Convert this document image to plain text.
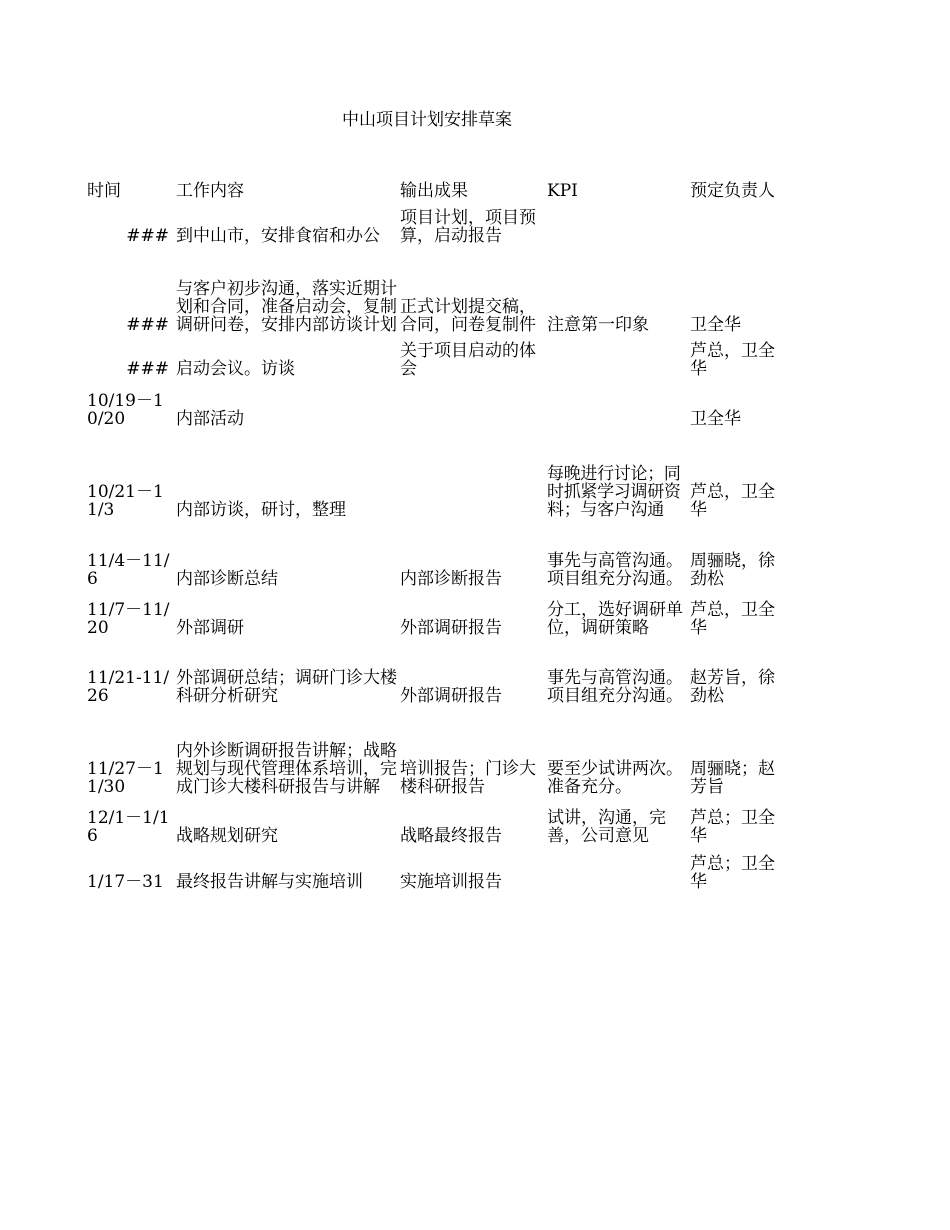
中山项目计划安排草案
时间	工作内容	输出成果	KPI	预定负责人
###	到中山市，安排食宿和办公	项目计划，项目预算，启动报告		
###	与客户初步沟通，落实近期计划和合同，准备启动会，复制调研问卷，安排内部访谈计划	正式计划提交稿，合同，问卷复制件	注意第一印象	卫全华
###	启动会议。访谈	关于项目启动的体会		芦总，卫全华
10/19－10/20	内部活动			卫全华
10/21－11/3	内部访谈，研讨，整理		每晚进行讨论；同时抓紧学习调研资料；与客户沟通	芦总，卫全华
11/4－11/6	内部诊断总结	内部诊断报告	事先与高管沟通。项目组充分沟通。	周骊晓，徐劲松
11/7－11/20	外部调研	外部调研报告	分工，选好调研单位，调研策略	芦总，卫全华
11/21-11/26	外部调研总结；调研门诊大楼科研分析研究	外部调研报告	事先与高管沟通。项目组充分沟通。	赵芳旨，徐劲松
11/27－11/30	内外诊断调研报告讲解；战略规划与现代管理体系培训，完成门诊大楼科研报告与讲解	培训报告；门诊大楼科研报告	要至少试讲两次。准备充分。	周骊晓；赵芳旨
12/1－1/16	战略规划研究	战略最终报告	试讲，沟通，完善，公司意见	芦总；卫全华
1/17－31	最终报告讲解与实施培训	实施培训报告		芦总；卫全华
